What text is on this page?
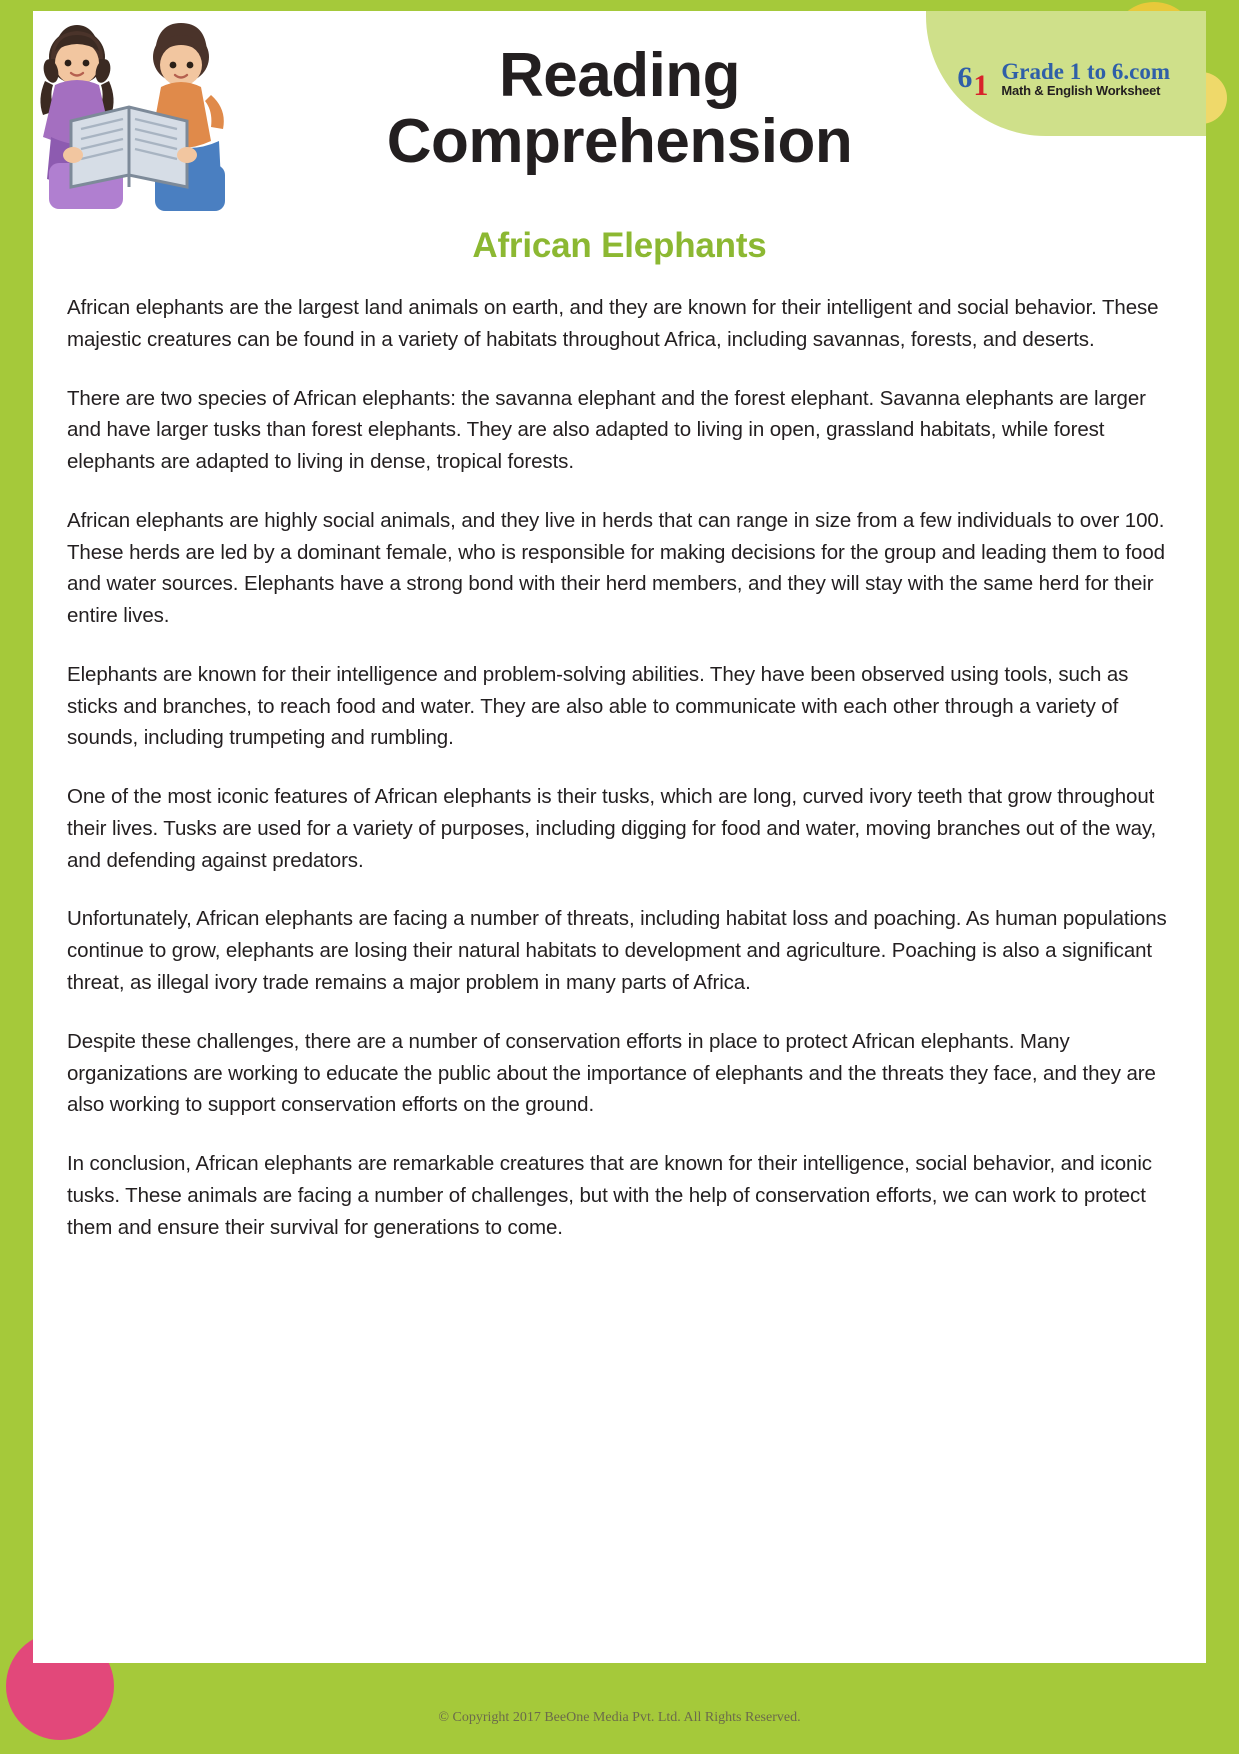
6 1 Grade 1 to 6.com
Math & English Worksheet
Reading
Comprehension
African Elephants

African elephants are the largest land animals on earth, and they are known for their intelligent and social behavior. These majestic creatures can be found in a variety of habitats throughout Africa, including savannas, forests, and deserts.

There are two species of African elephants: the savanna elephant and the forest elephant. Savanna elephants are larger and have larger tusks than forest elephants. They are also adapted to living in open, grassland habitats, while forest elephants are adapted to living in dense, tropical forests.

African elephants are highly social animals, and they live in herds that can range in size from a few individuals to over 100. These herds are led by a dominant female, who is responsible for making decisions for the group and leading them to food and water sources. Elephants have a strong bond with their herd members, and they will stay with the same herd for their entire lives.

Elephants are known for their intelligence and problem-solving abilities. They have been observed using tools, such as sticks and branches, to reach food and water. They are also able to communicate with each other through a variety of sounds, including trumpeting and rumbling.

One of the most iconic features of African elephants is their tusks, which are long, curved ivory teeth that grow throughout their lives. Tusks are used for a variety of purposes, including digging for food and water, moving branches out of the way, and defending against predators.

Unfortunately, African elephants are facing a number of threats, including habitat loss and poaching. As human populations continue to grow, elephants are losing their natural habitats to development and agriculture. Poaching is also a significant threat, as illegal ivory trade remains a major problem in many parts of Africa.

Despite these challenges, there are a number of conservation efforts in place to protect African elephants. Many organizations are working to educate the public about the importance of elephants and the threats they face, and they are also working to support conservation efforts on the ground.

In conclusion, African elephants are remarkable creatures that are known for their intelligence, social behavior, and iconic tusks. These animals are facing a number of challenges, but with the help of conservation efforts, we can work to protect them and ensure their survival for generations to come.

© Copyright 2017 BeeOne Media Pvt. Ltd. All Rights Reserved.
